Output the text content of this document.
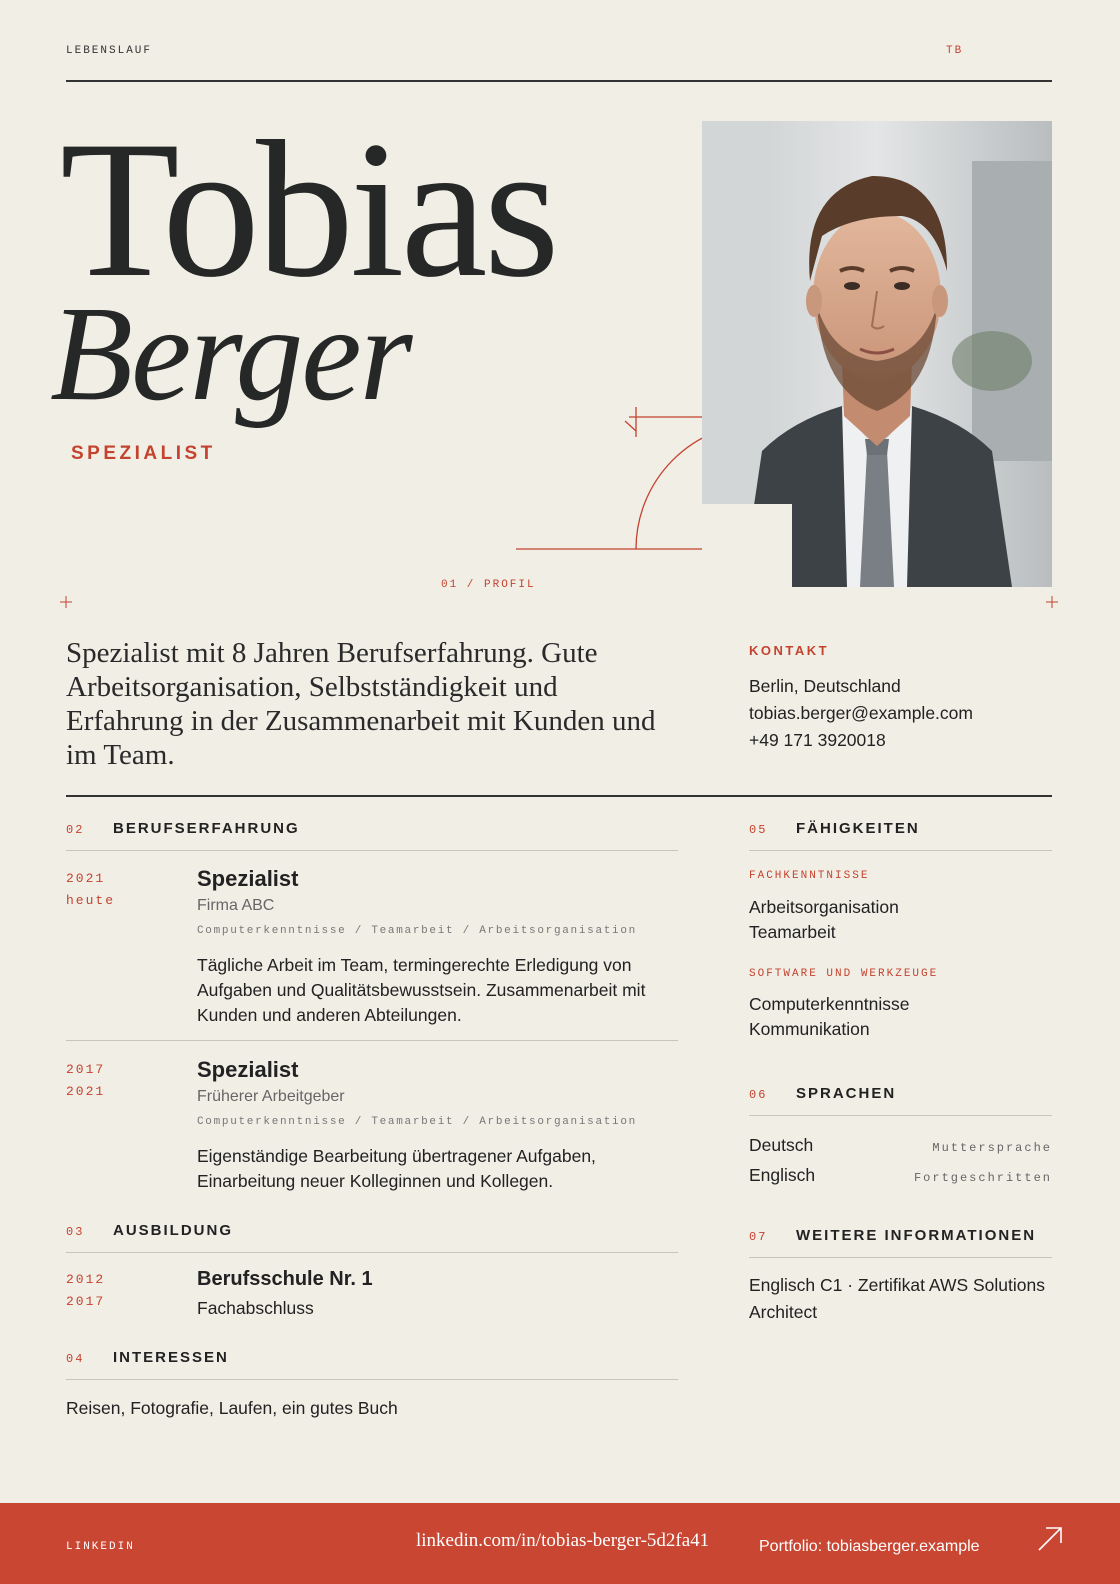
LEBENSLAUF	TB
Tobias
Berger
SPEZIALIST
01 / PROFIL
Spezialist mit 8 Jahren Berufserfahrung. Gute Arbeitsorganisation, Selbstständigkeit und Erfahrung in der Zusammenarbeit mit Kunden und im Team.
KONTAKT
Berlin, Deutschland
tobias.berger@example.com
+49 171 3920018
02	BERUFSERFAHRUNG
2021
heute
Spezialist
Firma ABC
Computerkenntnisse / Teamarbeit / Arbeitsorganisation
Tägliche Arbeit im Team, termingerechte Erledigung von Aufgaben und Qualitätsbewusstsein. Zusammenarbeit mit Kunden und anderen Abteilungen.
2017
2021
Spezialist
Früherer Arbeitgeber
Computerkenntnisse / Teamarbeit / Arbeitsorganisation
Eigenständige Bearbeitung übertragener Aufgaben, Einarbeitung neuer Kolleginnen und Kollegen.
03	AUSBILDUNG
2012
2017
Berufsschule Nr. 1
Fachabschluss
04	INTERESSEN
Reisen, Fotografie, Laufen, ein gutes Buch
05	FÄHIGKEITEN
FACHKENNTNISSE
Arbeitsorganisation
Teamarbeit
SOFTWARE UND WERKZEUGE
Computerkenntnisse
Kommunikation
06	SPRACHEN
Deutsch	Muttersprache
Englisch	Fortgeschritten
07	WEITERE INFORMATIONEN
Englisch C1 · Zertifikat AWS Solutions Architect
LINKEDIN	linkedin.com/in/tobias-berger-5d2fa41	Portfolio: tobiasberger.example
